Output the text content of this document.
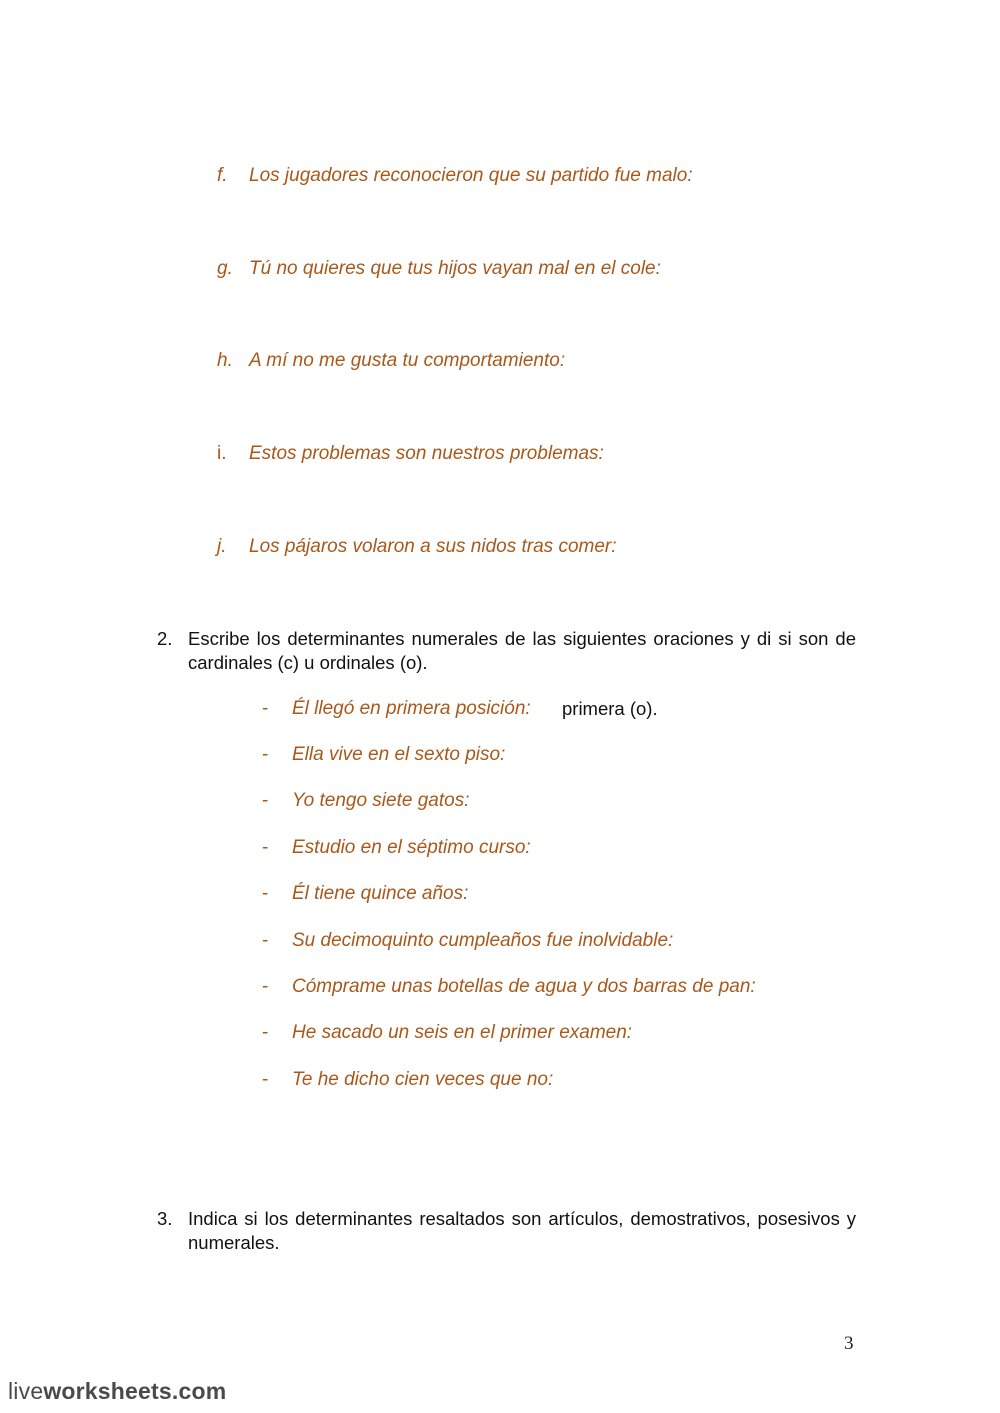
f. Los jugadores reconocieron que su partido fue malo:
g. Tú no quieres que tus hijos vayan mal en el cole:
h. A mí no me gusta tu comportamiento:
i. Estos problemas son nuestros problemas:
j. Los pájaros volaron a sus nidos tras comer:
2. Escribe los determinantes numerales de las siguientes oraciones y di si son de cardinales (c) u ordinales (o).
- Él llegó en primera posición: primera (o).
- Ella vive en el sexto piso:
- Yo tengo siete gatos:
- Estudio en el séptimo curso:
- Él tiene quince años:
- Su decimoquinto cumpleaños fue inolvidable:
- Cómprame unas botellas de agua y dos barras de pan:
- He sacado un seis en el primer examen:
- Te he dicho cien veces que no:
3. Indica si los determinantes resaltados son artículos, demostrativos, posesivos y numerales.
3
liveworksheets.com
